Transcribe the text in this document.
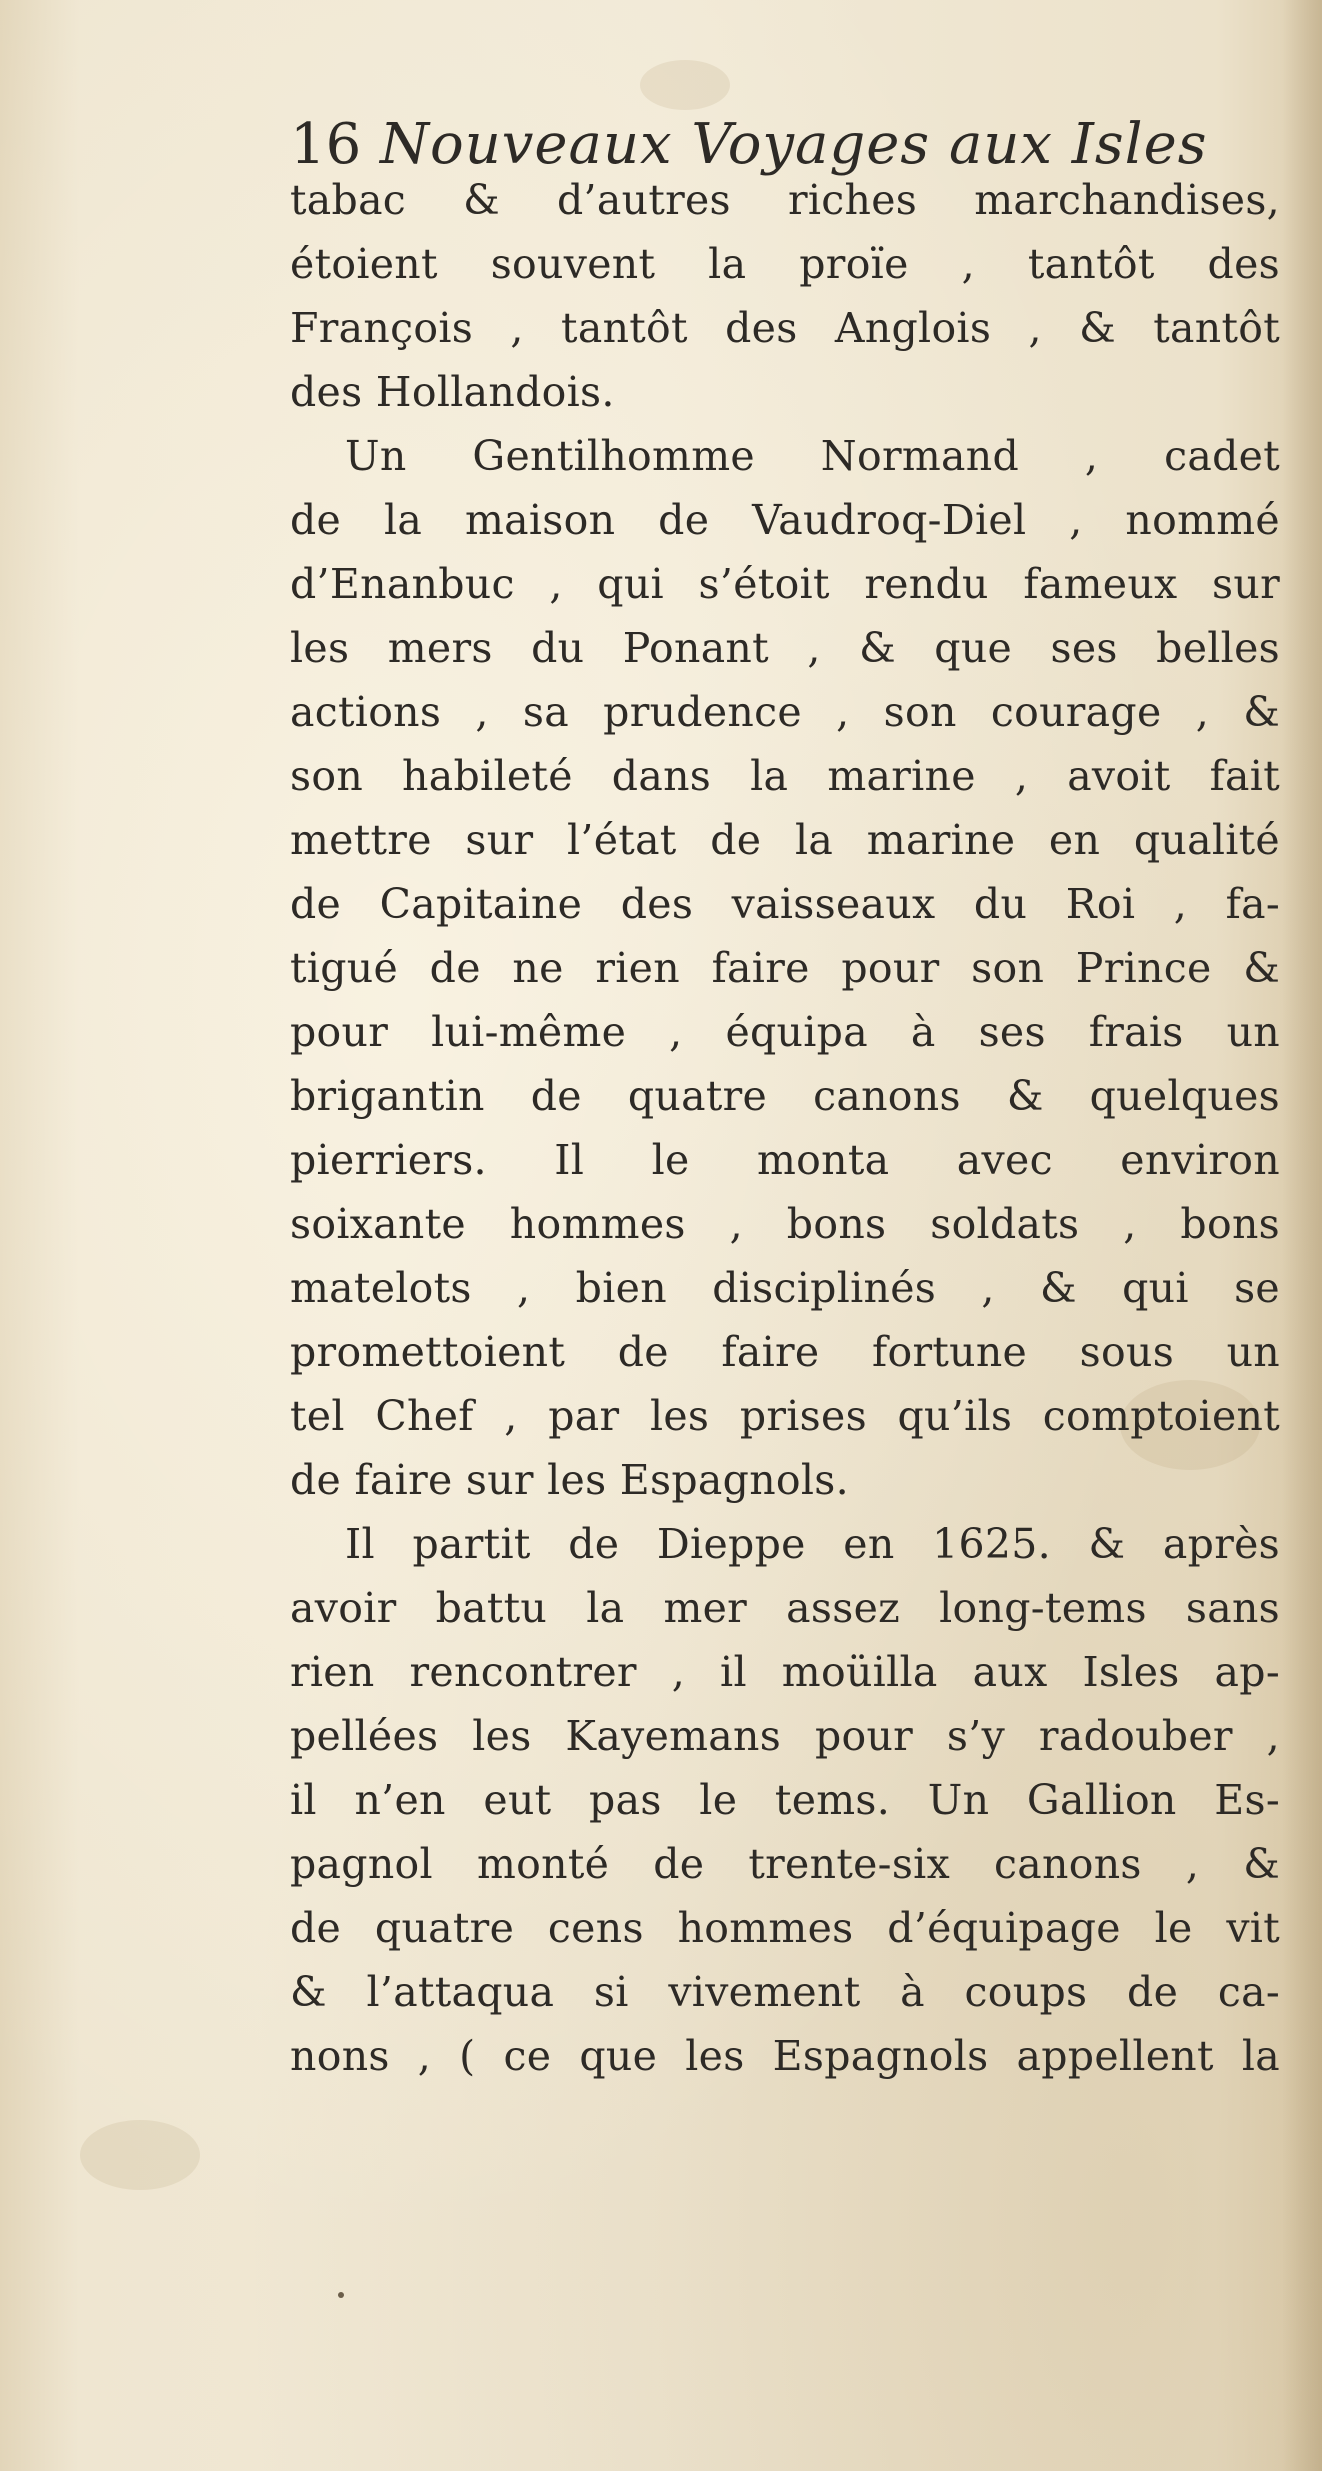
16 Nouveaux Voyages aux Isles
tabac & d’autres riches marchandises,
étoient souvent la proïe , tantôt des
François , tantôt des Anglois , & tantôt
des Hollandois.
Un Gentilhomme Normand , cadet
de la maison de Vaudroq-Diel , nommé
d’Enanbuc , qui s’étoit rendu fameux sur
les mers du Ponant , & que ses belles
actions , sa prudence , son courage , &
son habileté dans la marine , avoit fait
mettre sur l’état de la marine en qualité
de Capitaine des vaisseaux du Roi , fa-
tigué de ne rien faire pour son Prince &
pour lui-même , équipa à ses frais un
brigantin de quatre canons & quelques
pierriers. Il le monta avec environ
soixante hommes , bons soldats , bons
matelots , bien disciplinés , & qui se
promettoient de faire fortune sous un
tel Chef , par les prises qu’ils comptoient
de faire sur les Espagnols.
Il partit de Dieppe en 1625. & après
avoir battu la mer assez long-tems sans
rien rencontrer , il moüilla aux Isles ap-
pellées les Kayemans pour s’y radouber ,
il n’en eut pas le tems. Un Gallion Es-
pagnol monté de trente-six canons , &
de quatre cens hommes d’équipage le vit
& l’attaqua si vivement à coups de ca-
nons , ( ce que les Espagnols appellent la
